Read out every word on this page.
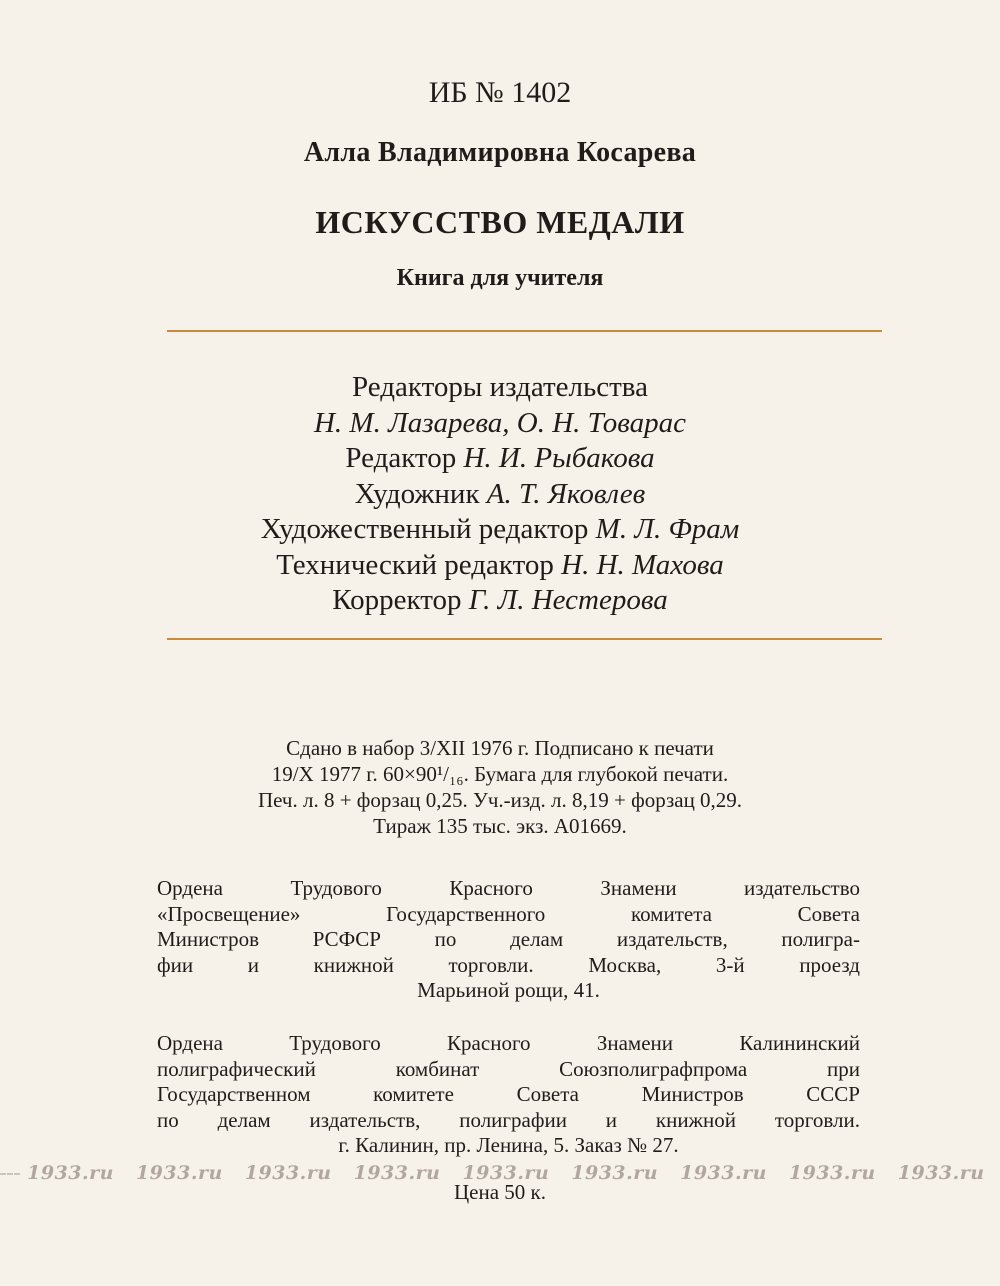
ИБ № 1402
Алла Владимировна Косарева
ИСКУССТВО МЕДАЛИ
Книга для учителя
Редакторы издательства
Н. М. Лазарева, О. Н. Товарас
Редактор Н. И. Рыбакова
Художник А. Т. Яковлев
Художественный редактор М. Л. Фрам
Технический редактор Н. Н. Махова
Корректор Г. Л. Нестерова
Сдано в набор 3/XII 1976 г. Подписано к печати
19/X 1977 г. 60×90¹/₁₆. Бумага для глубокой печати.
Печ. л. 8 + форзац 0,25. Уч.-изд. л. 8,19 + форзац 0,29.
Тираж 135 тыс. экз. А01669.
Ордена Трудового Красного Знамени издательство
«Просвещение» Государственного комитета Совета
Министров РСФСР по делам издательств, полигра-
фии и книжной торговли. Москва, 3-й проезд
Марьиной рощи, 41.
Ордена Трудового Красного Знамени Калининский
полиграфический комбинат Союзполиграфпрома при
Государственном комитете Совета Министров СССР
по делам издательств, полиграфии и книжной торговли.
г. Калинин, пр. Ленина, 5. Заказ № 27.
Цена 50 к.
1933.ru 1933.ru 1933.ru 1933.ru 1933.ru 1933.ru 1933.ru 1933.ru 1933.ru
